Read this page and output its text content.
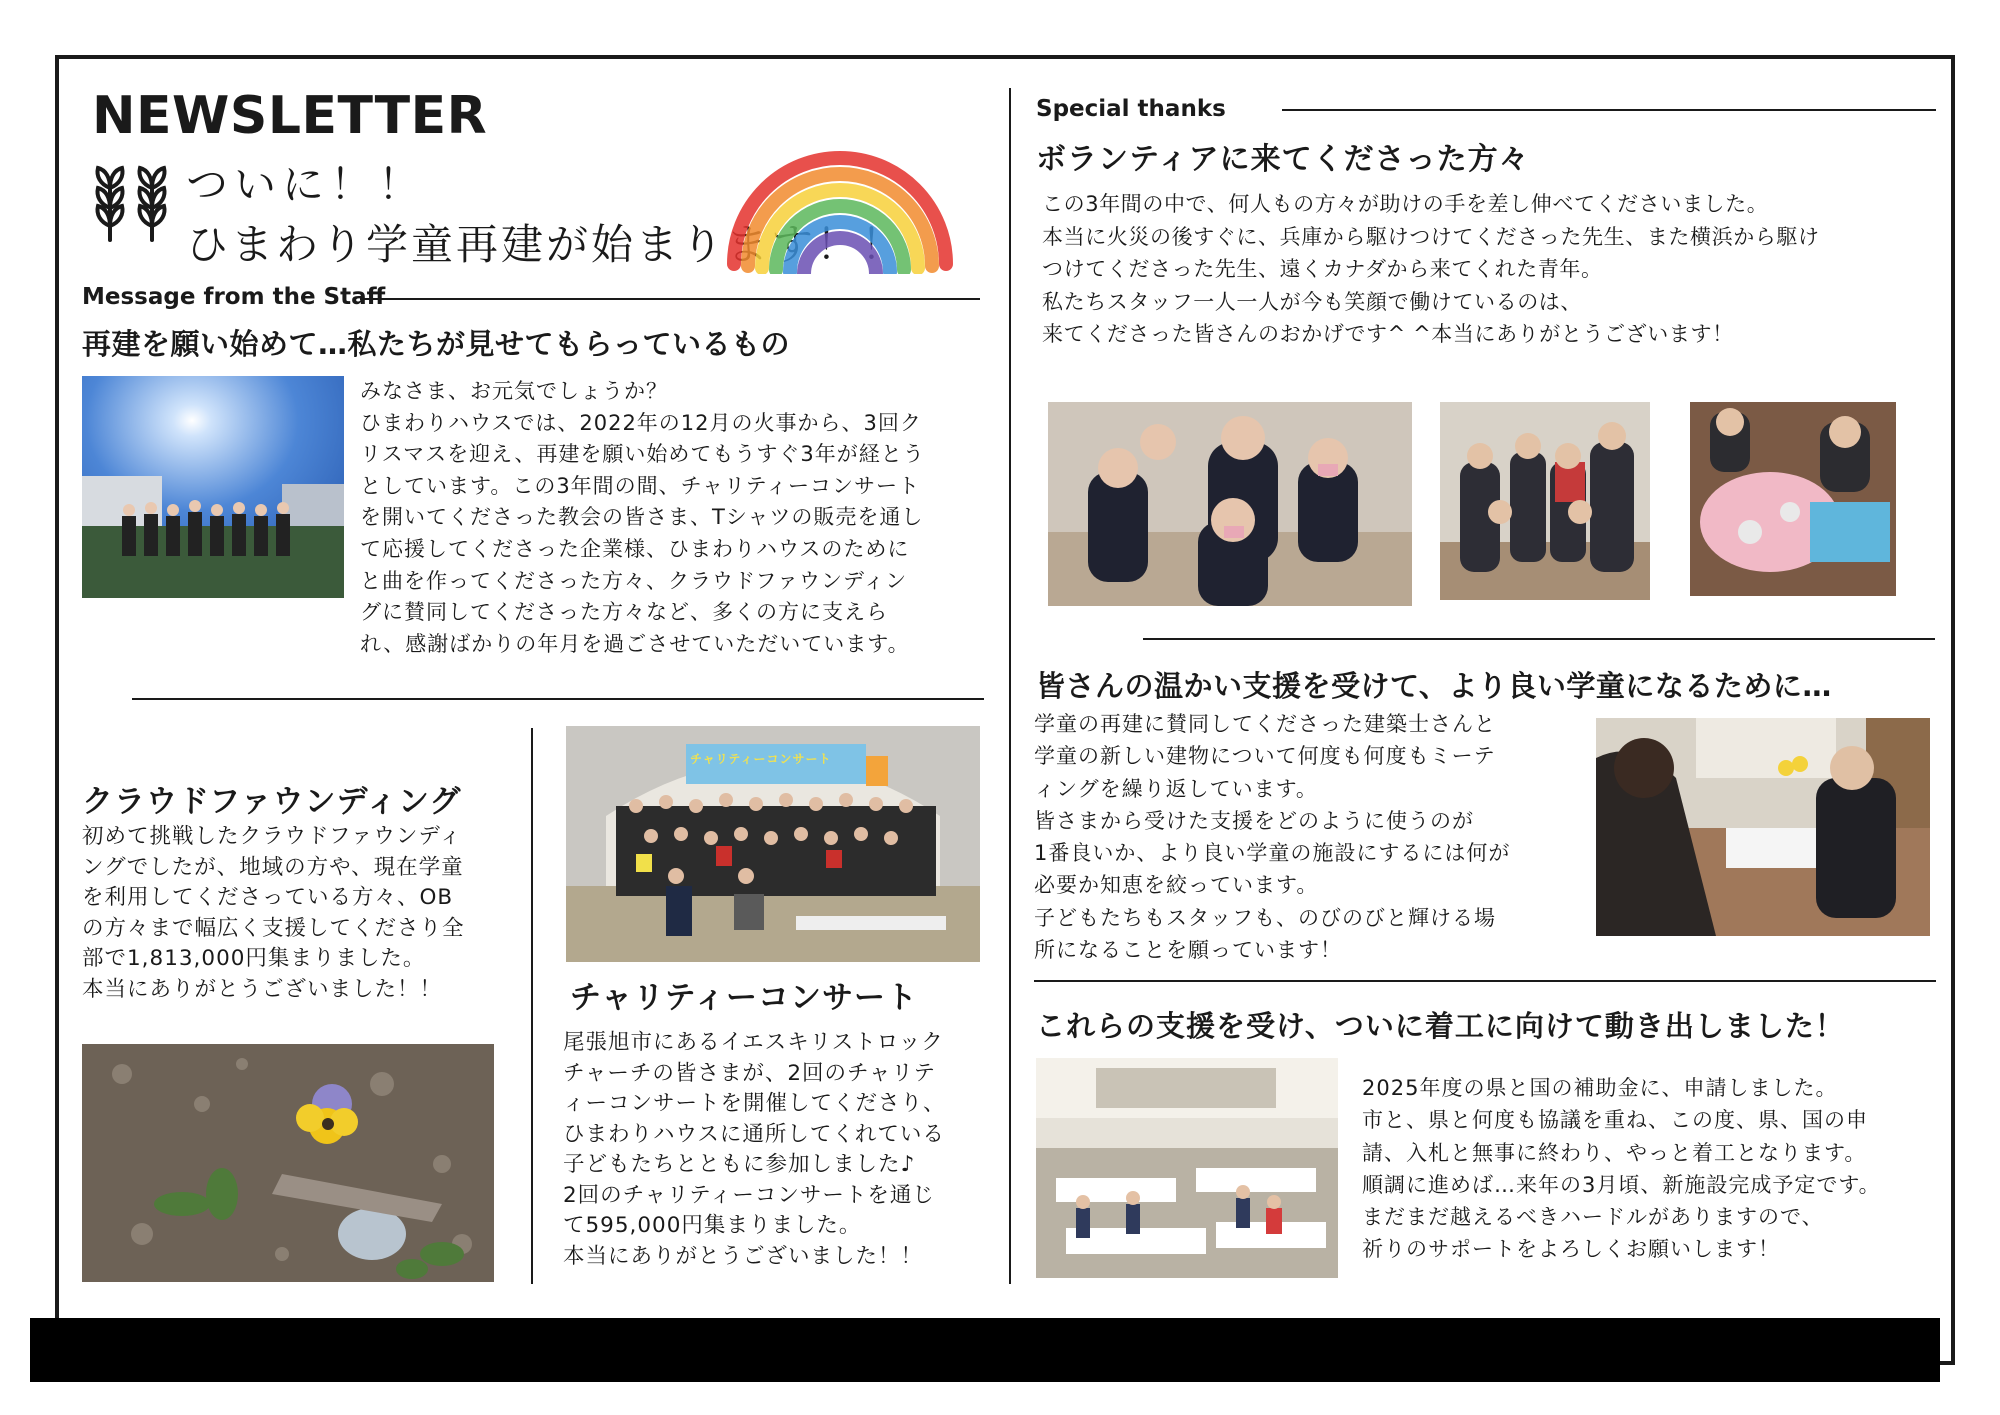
NEWSLETTER
ついに！！
ひまわり学童再建が始まります！！
Message from the Staff
再建を願い始めて…私たちが見せてもらっているもの
みなさま、お元気でしょうか？
ひまわりハウスでは、2022年の12月の火事から、3回ク
リスマスを迎え、再建を願い始めてもうすぐ3年が経とう
としています。この3年間の間、チャリティーコンサート
を開いてくださった教会の皆さま、Tシャツの販売を通し
て応援してくださった企業様、ひまわりハウスのために
と曲を作ってくださった方々、クラウドファウンディン
グに賛同してくださった方々など、多くの方に支えら
れ、感謝ばかりの年月を過ごさせていただいています。
クラウドファウンディング
初めて挑戦したクラウドファウンディ
ングでしたが、地域の方や、現在学童
を利用してくださっている方々、OB
の方々まで幅広く支援してくださり全
部で1,813,000円集まりました。
本当にありがとうございました！！
チャリティーコンサート
チャリティーコンサート
尾張旭市にあるイエスキリストロック
チャーチの皆さまが、2回のチャリテ
ィーコンサートを開催してくださり、
ひまわりハウスに通所してくれている
子どもたちとともに参加しました♪
2回のチャリティーコンサートを通じ
て595,000円集まりました。
本当にありがとうございました！！
Special thanks
ボランティアに来てくださった方々
この3年間の中で、何人もの方々が助けの手を差し伸べてくださいました。
本当に火災の後すぐに、兵庫から駆けつけてくださった先生、また横浜から駆け
つけてくださった先生、遠くカナダから来てくれた青年。
私たちスタッフ一人一人が今も笑顔で働けているのは、
来てくださった皆さんのおかげです^ ^本当にありがとうございます！
皆さんの温かい支援を受けて、より良い学童になるために…
学童の再建に賛同してくださった建築士さんと
学童の新しい建物について何度も何度もミーテ
ィングを繰り返しています。
皆さまから受けた支援をどのように使うのが
1番良いか、より良い学童の施設にするには何が
必要か知恵を絞っています。
子どもたちもスタッフも、のびのびと輝ける場
所になることを願っています！
これらの支援を受け、ついに着工に向けて動き出しました！
2025年度の県と国の補助金に、申請しました。
市と、県と何度も協議を重ね、この度、県、国の申
請、入札と無事に終わり、やっと着工となります。
順調に進めば…来年の3月頃、新施設完成予定です。
まだまだ越えるべきハードルがありますので、
祈りのサポートをよろしくお願いします！
